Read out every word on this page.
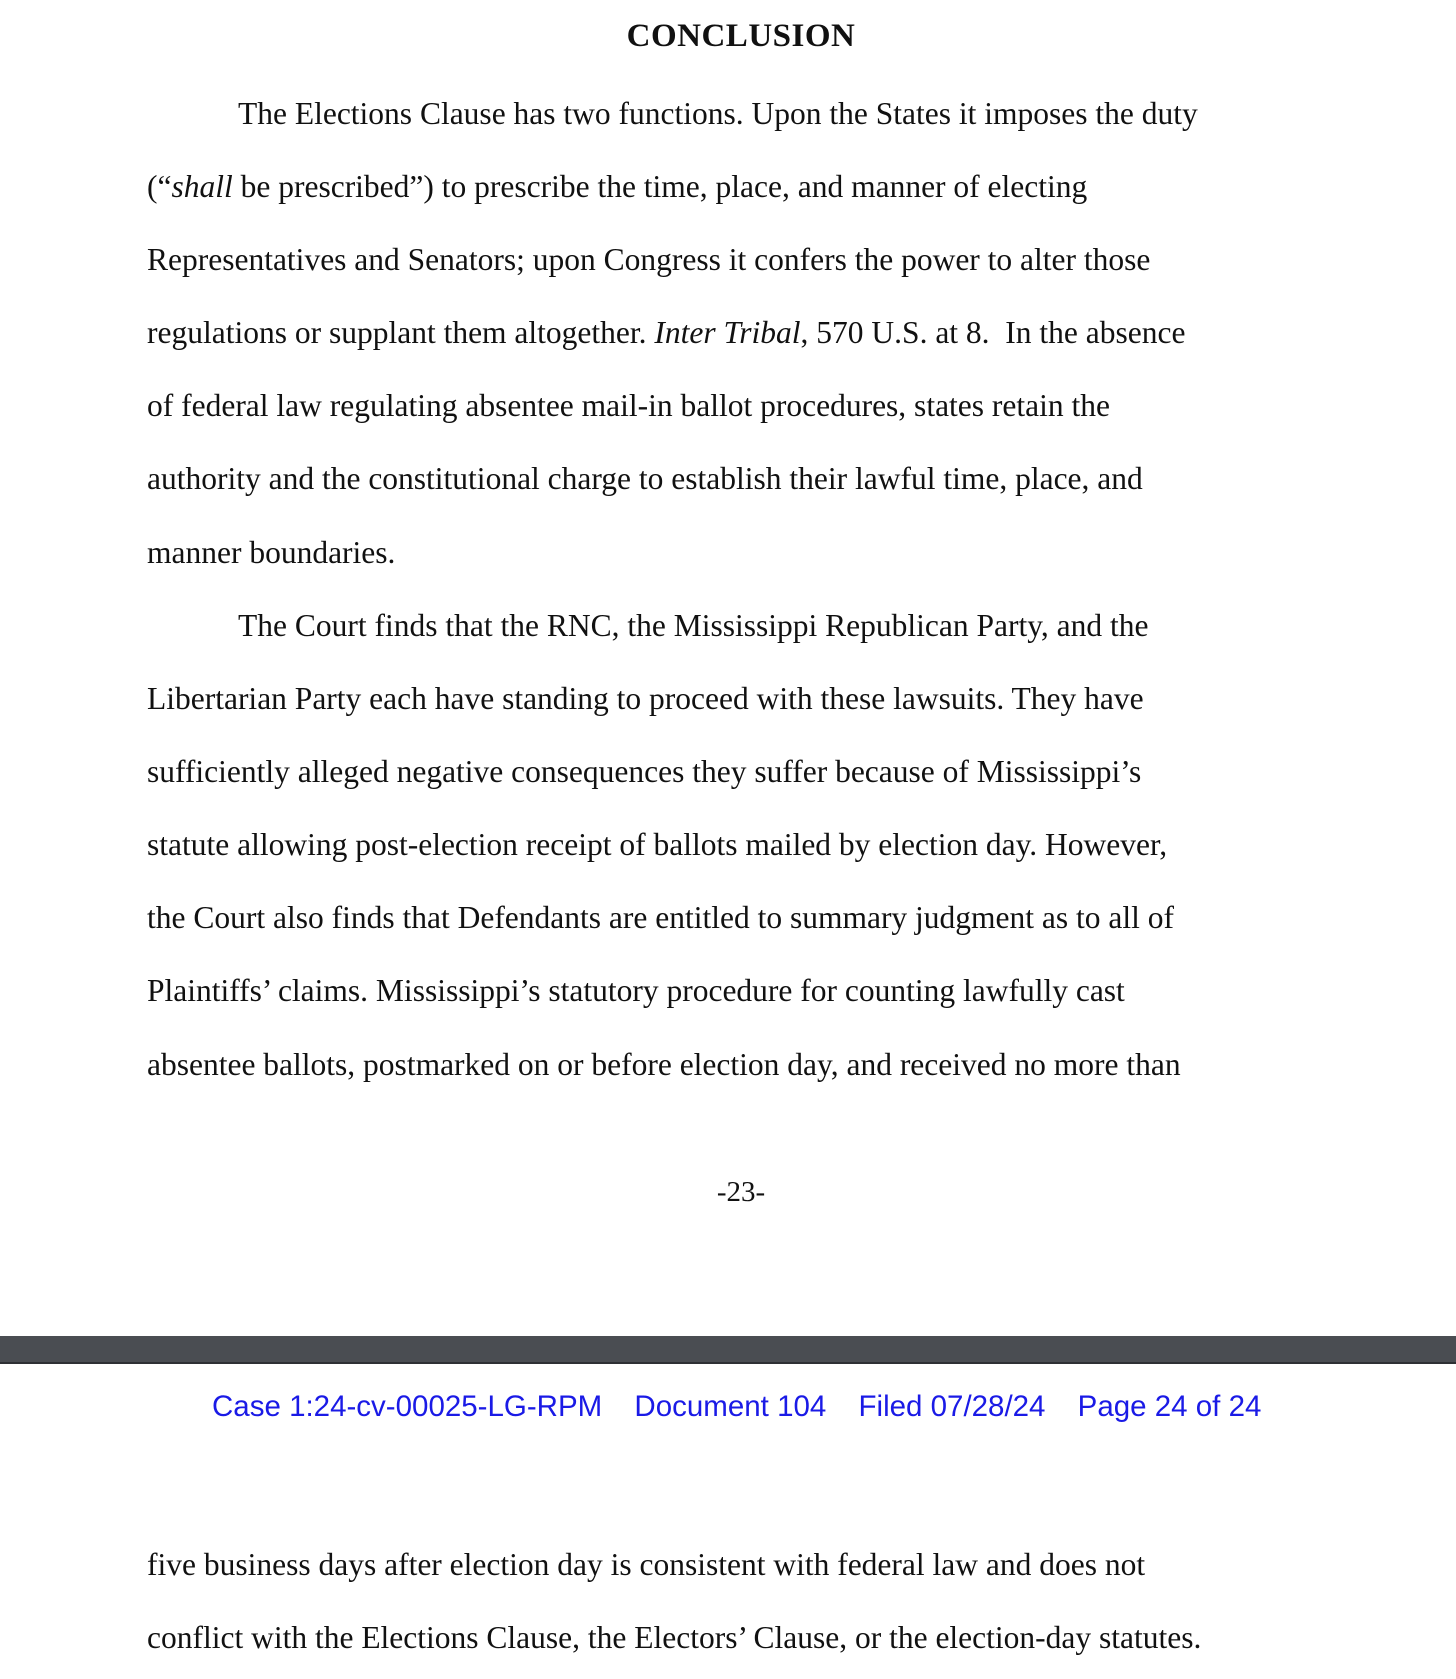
CONCLUSION
The Elections Clause has two functions. Upon the States it imposes the duty
(“shall be prescribed”) to prescribe the time, place, and manner of electing
Representatives and Senators; upon Congress it confers the power to alter those
regulations or supplant them altogether. Inter Tribal, 570 U.S. at 8.  In the absence
of federal law regulating absentee mail-in ballot procedures, states retain the
authority and the constitutional charge to establish their lawful time, place, and
manner boundaries.
The Court finds that the RNC, the Mississippi Republican Party, and the
Libertarian Party each have standing to proceed with these lawsuits. They have
sufficiently alleged negative consequences they suffer because of Mississippi’s
statute allowing post-election receipt of ballots mailed by election day. However,
the Court also finds that Defendants are entitled to summary judgment as to all of
Plaintiffs’ claims. Mississippi’s statutory procedure for counting lawfully cast
absentee ballots, postmarked on or before election day, and received no more than
-23-
Case 1:24-cv-00025-LG-RPM Document 104 Filed 07/28/24 Page 24 of 24
five business days after election day is consistent with federal law and does not
conflict with the Elections Clause, the Electors’ Clause, or the election-day statutes.
